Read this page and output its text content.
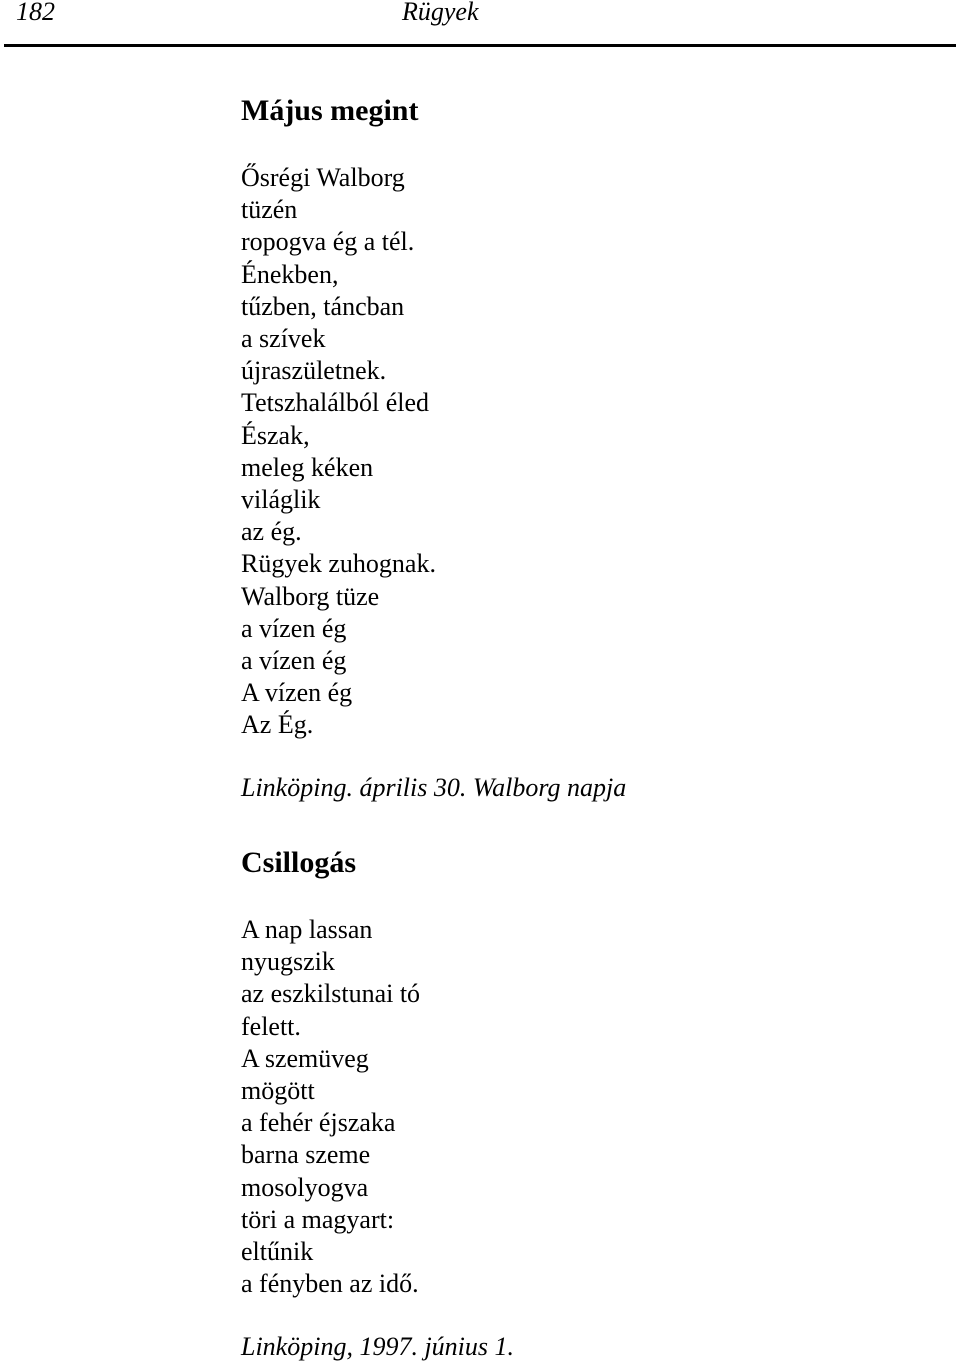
182	Rügyek
Május megint
Ősrégi Walborg
tüzén
ropogva ég a tél.
Énekben,
tűzben, táncban
a szívek
újraszületnek.
Tetszhalálból éled
Észak,
meleg kéken
világlik
az ég.
Rügyek zuhognak.
Walborg tüze
a vízen ég
a vízen ég
A vízen ég
Az Ég.
Linköping. április 30. Walborg napja
Csillogás
A nap lassan
nyugszik
az eszkilstunai tó
felett.
A szemüveg
mögött
a fehér éjszaka
barna szeme
mosolyogva
töri a magyart:
eltűnik
a fényben az idő.
Linköping, 1997. június 1.
